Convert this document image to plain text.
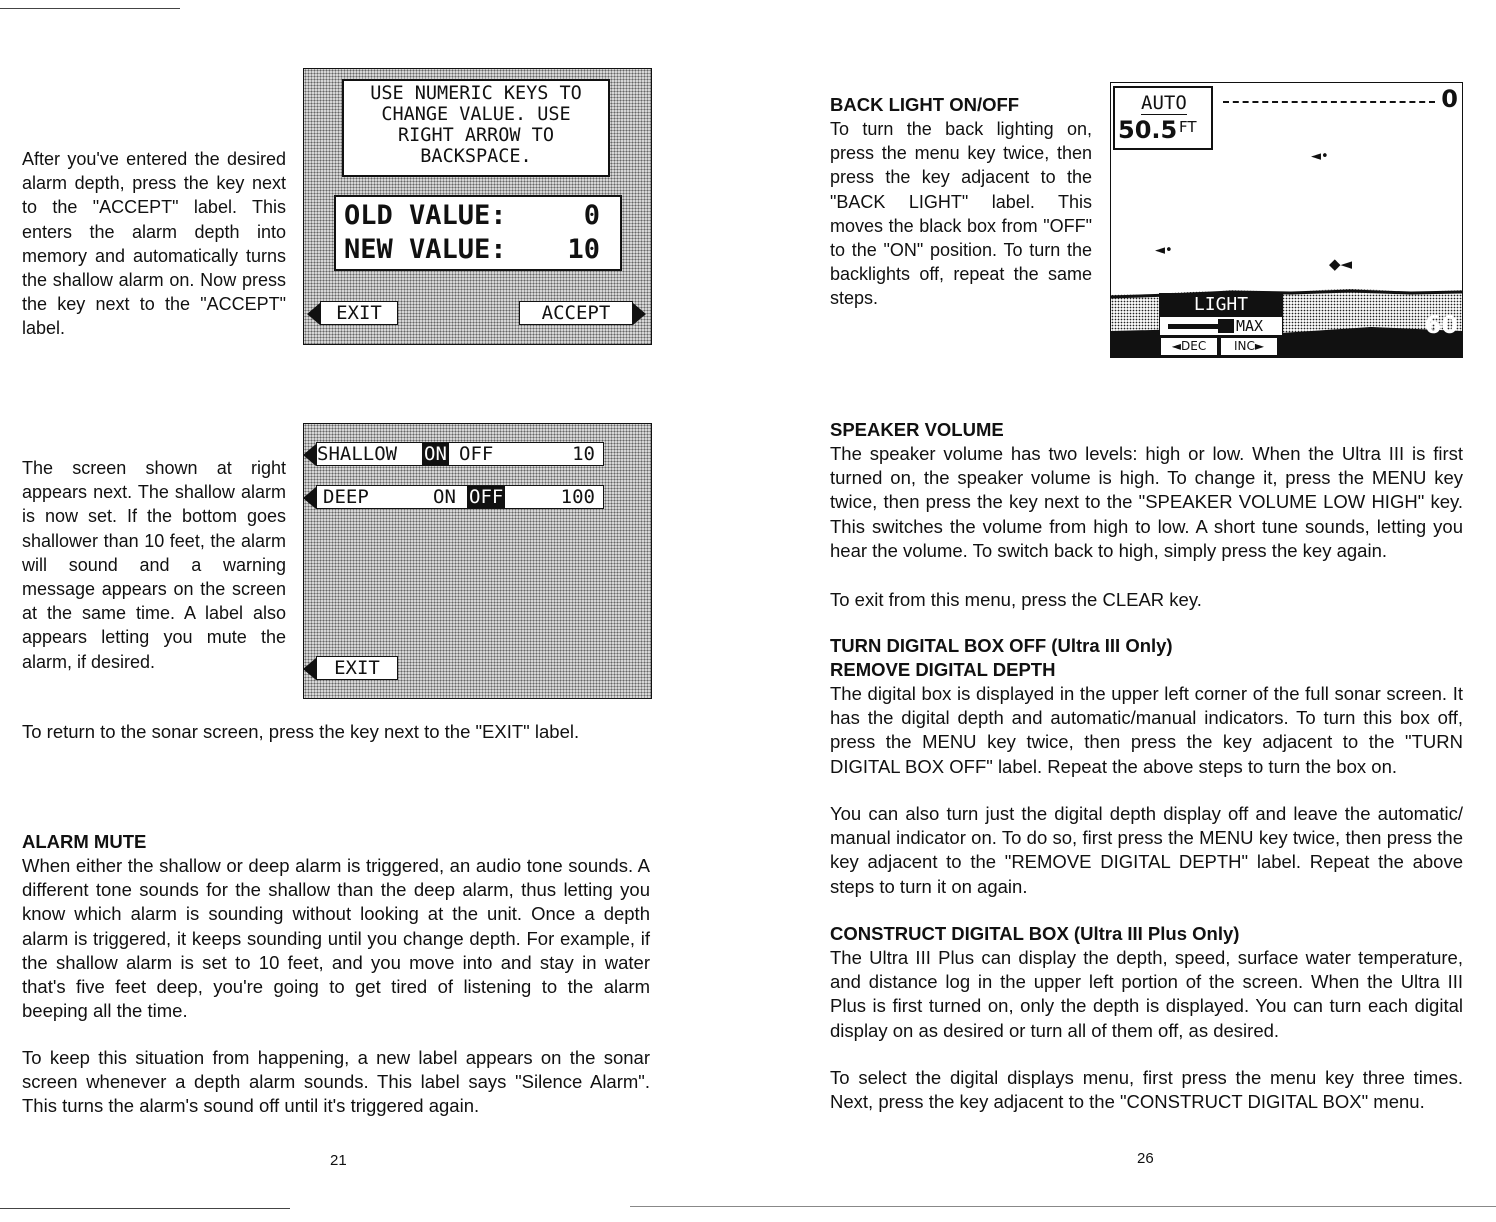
After you've entered the desired alarm depth, press the key next to the "ACCEPT" label. This enters the alarm depth into memory and automatically turns the shallow alarm on. Now press the key next to the "ACCEPT" label.
USE NUMERIC KEYS TO
CHANGE VALUE. USE
RIGHT ARROW TO
BACKSPACE.
OLD VALUE:	0
NEW VALUE: 10
EXIT	ACCEPT
The screen shown at right appears next. The shallow alarm is now set. If the bottom goes shallower than 10 feet, the alarm will sound and a warning message appears on the screen at the same time. A label also appears letting you mute the alarm, if desired.
SHALLOW ON OFF	10
DEEP	ON OFF	100
EXIT
To return to the sonar screen, press the key next to the "EXIT" label.
ALARM MUTE
When either the shallow or deep alarm is triggered, an audio tone sounds. A different tone sounds for the shallow than the deep alarm, thus letting you know which alarm is sounding without looking at the unit. Once a depth alarm is triggered, it keeps sounding until you change depth. For example, if the shallow alarm is set to 10 feet, and you move into and stay in water that's five feet deep, you're going to get tired of listening to the alarm beeping all the time.
To keep this situation from happening, a new label appears on the sonar screen whenever a depth alarm sounds. This label says "Silence Alarm". This turns the alarm's sound off until it's triggered again.
21
BACK LIGHT ON/OFF
To turn the back lighting on, press the menu key twice, then press the key adjacent to the "BACK LIGHT" label. This moves the black box from "OFF" to the "ON" position. To turn the backlights off, repeat the same steps.
AUTO
50.5 FT
0
◄•
◄•
◆◄
LIGHT
MAX
◄DEC	INC►
60
SPEAKER VOLUME
The speaker volume has two levels: high or low. When the Ultra III is first turned on, the speaker volume is high. To change it, press the MENU key twice, then press the key next to the "SPEAKER VOLUME LOW HIGH" key. This switches the volume from high to low. A short tune sounds, letting you hear the volume. To switch back to high, simply press the key again.
To exit from this menu, press the CLEAR key.
TURN DIGITAL BOX OFF (Ultra III Only)
REMOVE DIGITAL DEPTH
The digital box is displayed in the upper left corner of the full sonar screen. It has the digital depth and automatic/manual indicators. To turn this box off, press the MENU key twice, then press the key adjacent to the "TURN DIGITAL BOX OFF" label. Repeat the above steps to turn the box on.
You can also turn just the digital depth display off and leave the automatic/ manual indicator on. To do so, first press the MENU key twice, then press the key adjacent to the "REMOVE DIGITAL DEPTH" label. Repeat the above steps to turn it on again.
CONSTRUCT DIGITAL BOX (Ultra III Plus Only)
The Ultra III Plus can display the depth, speed, surface water temperature, and distance log in the upper left portion of the screen. When the Ultra III Plus is first turned on, only the depth is displayed. You can turn each digital display on as desired or turn all of them off, as desired.
To select the digital displays menu, first press the menu key three times. Next, press the key adjacent to the "CONSTRUCT DIGITAL BOX" menu.
26
